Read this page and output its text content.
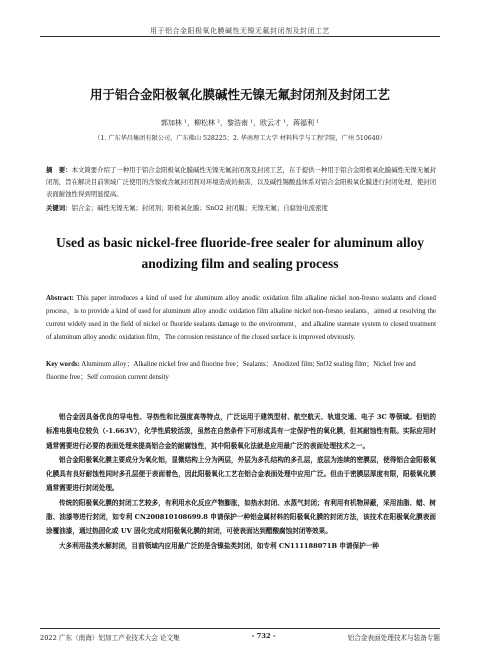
用于铝合金阳极氧化膜碱性无镍无氟封闭剂及封闭工艺
用于铝合金阳极氧化膜碱性无镍无氟封闭剂及封闭工艺
郭加林 ¹，柳松林 ²，黎浩南 ¹，欧云才 ¹，蒋福利 ¹
（1. 广东华昌集团有限公司，广东佛山 528225；2. 华南理工大学 材料科学与工程学院，广州 510640）
摘　要：本文简要介绍了一种用于铝合金阳极氧化膜碱性无镍无氟封闭剂及封闭工艺，在于提供一种用于铝合金阳极氧化膜碱性无镍无氟封闭剂，旨在解决目前领域广泛使用的含镍或含氟封闭剂对环境造成的损害，以及碱性锡酸盐体系对铝合金阳极氧化膜进行封闭处理，使封闭表面耐蚀性得到明显提高。
关键词：铝合金；碱性无镍无氟；封闭剂；阳极氧化膜；SnO2 封闭膜；无镍无氟；自腐蚀电流密度
Used as basic nickel-free fluoride-free sealer for aluminum alloy anodizing film and sealing process
Abstract: This paper introduces a kind of used for aluminum alloy anodic oxidation film alkaline nickel non-fresno sealants and closed process，is to provide a kind of used for aluminum alloy anodic oxidation film alkaline nickel non-fresno sealants，aimed at resolving the current widely used in the field of nickel or fluoride sealants damage to the environment，and alkaline stannate system to closed treatment of aluminum alloy anodic oxidation film，The corrosion resistance of the closed surface is improved obviously.
Key words: Aluminum alloy；Alkaline nickel free and fluorine free；Sealants；Anodized film; SnO2 sealing film；Nickel free and fluorine free；Self corrosion current density

铝合金因具备优良的导电性、导热性和比强度高等特点，广泛运用于建筑型材、航空航天、轨道交通、电子 3C 等领域。但铝的标准电极电位较负（-1.663V），化学性质较活泼，虽然在自然条件下可形成具有一定保护性的氧化膜，但其耐蚀性有限。实际应用时通常需要进行必要的表面处理来提高铝合金的耐腐蚀性，其中阳极氧化法就是应用最广泛的表面处理技术之一。

铝合金阳极氧化膜主要成分为氧化铝，显微结构上分为两层，外层为多孔结构的多孔层，底层为连续的密膜层，使得铝合金阳极氧化膜具有良好耐蚀性同时多孔层便于表面着色，因此阳极氧化工艺在铝合金表面处理中应用广泛。但由于密膜层厚度有限，阳极氧化膜通常需要进行封闭处理。

传统的阳极氧化膜的封闭工艺较多，有利用水化反应产物膨胀，如热水封闭、水蒸气封闭；有利用有机物屏蔽，采用油脂、蜡、树脂、油漆等进行封闭，如专利 CN200810108699.8 申请保护一种铝金属材料的阳极氧化膜的封闭方法，该技术在阳极氧化膜表面涂覆油漆，通过热固化或 UV 固化完成对阳极氧化膜的封闭，可使表面达到醋酸腐蚀封闭等效果。

大多利用盐类水解封闭，目前领域内应用最广泛的是含镍盐类封闭，如专利 CN111188071B 申请保护一种

2022 广东（南海）铝加工产业技术大会 论文集	- 732 -	铝合金表面处理技术与装备专题
